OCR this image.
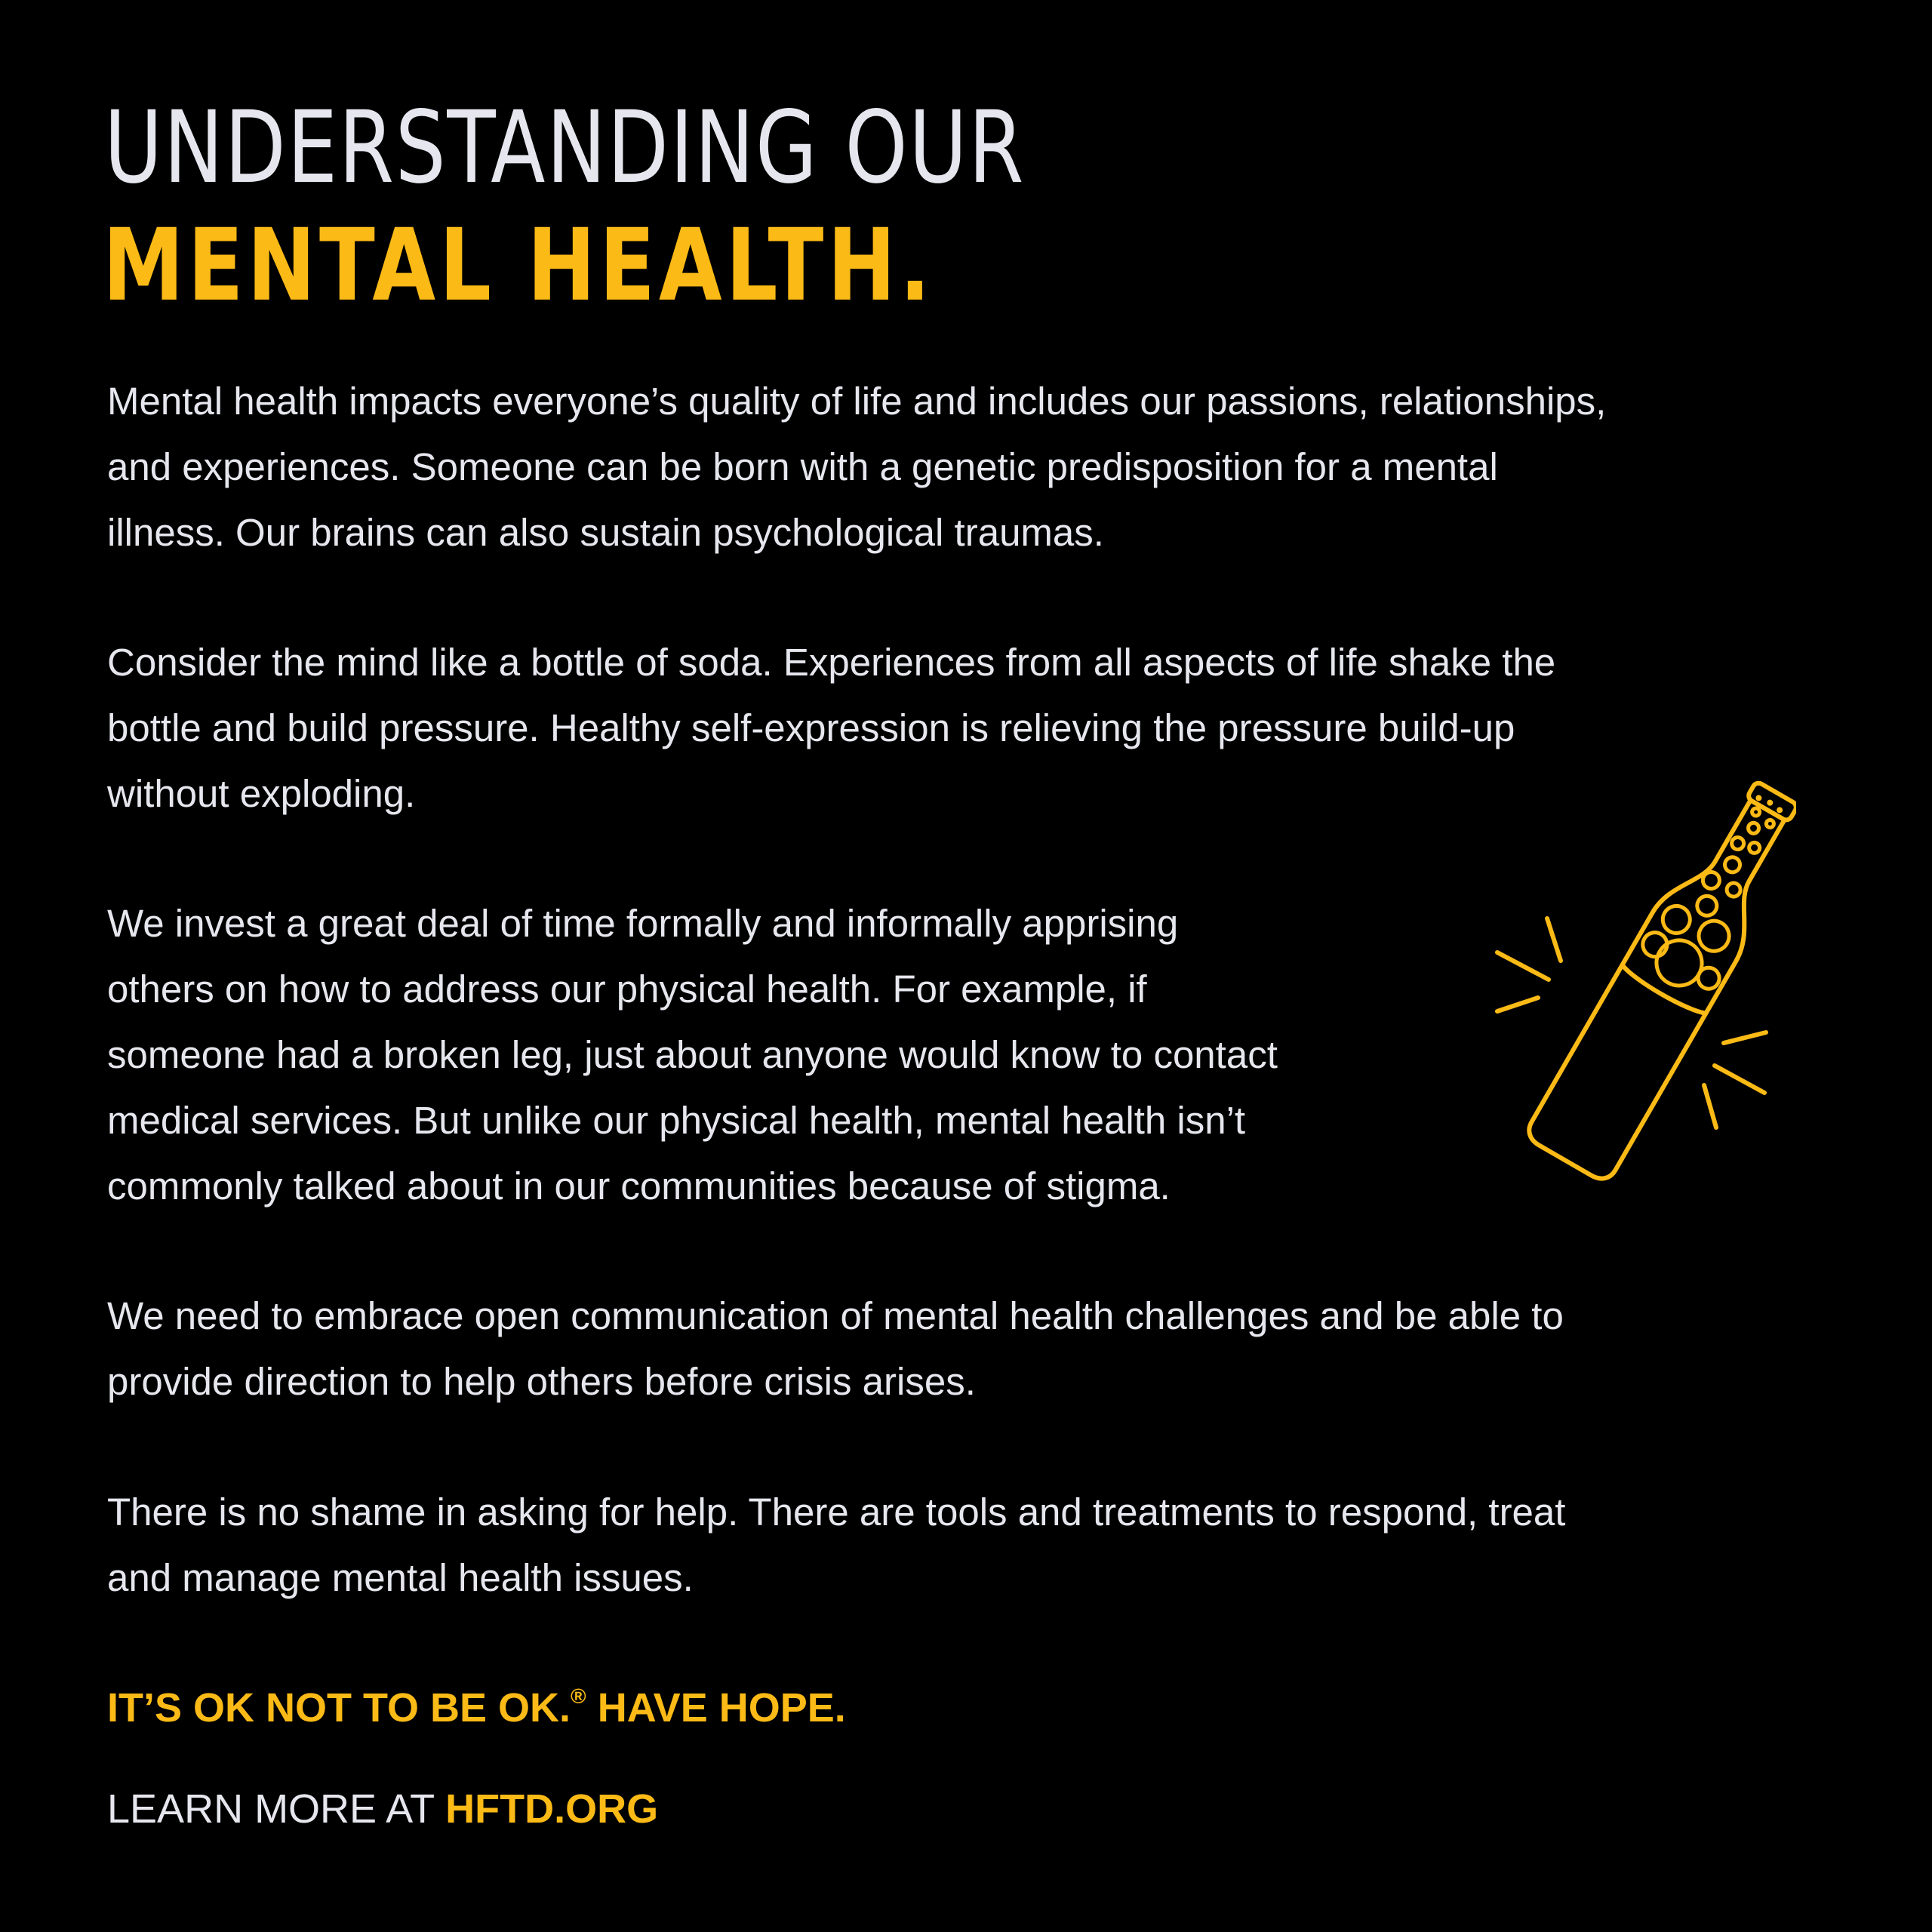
UNDERSTANDING OUR
MENTAL HEALTH.

Mental health impacts everyone’s quality of life and includes our passions, relationships,
and experiences. Someone can be born with a genetic predisposition for a mental
illness. Our brains can also sustain psychological traumas.

Consider the mind like a bottle of soda. Experiences from all aspects of life shake the
bottle and build pressure. Healthy self-expression is relieving the pressure build-up
without exploding.

We invest a great deal of time formally and informally apprising
others on how to address our physical health. For example, if
someone had a broken leg, just about anyone would know to contact
medical services. But unlike our physical health, mental health isn’t
commonly talked about in our communities because of stigma.

We need to embrace open communication of mental health challenges and be able to
provide direction to help others before crisis arises.

There is no shame in asking for help. There are tools and treatments to respond, treat
and manage mental health issues.

IT’S OK NOT TO BE OK.® HAVE HOPE.
LEARN MORE AT HFTD.ORG
